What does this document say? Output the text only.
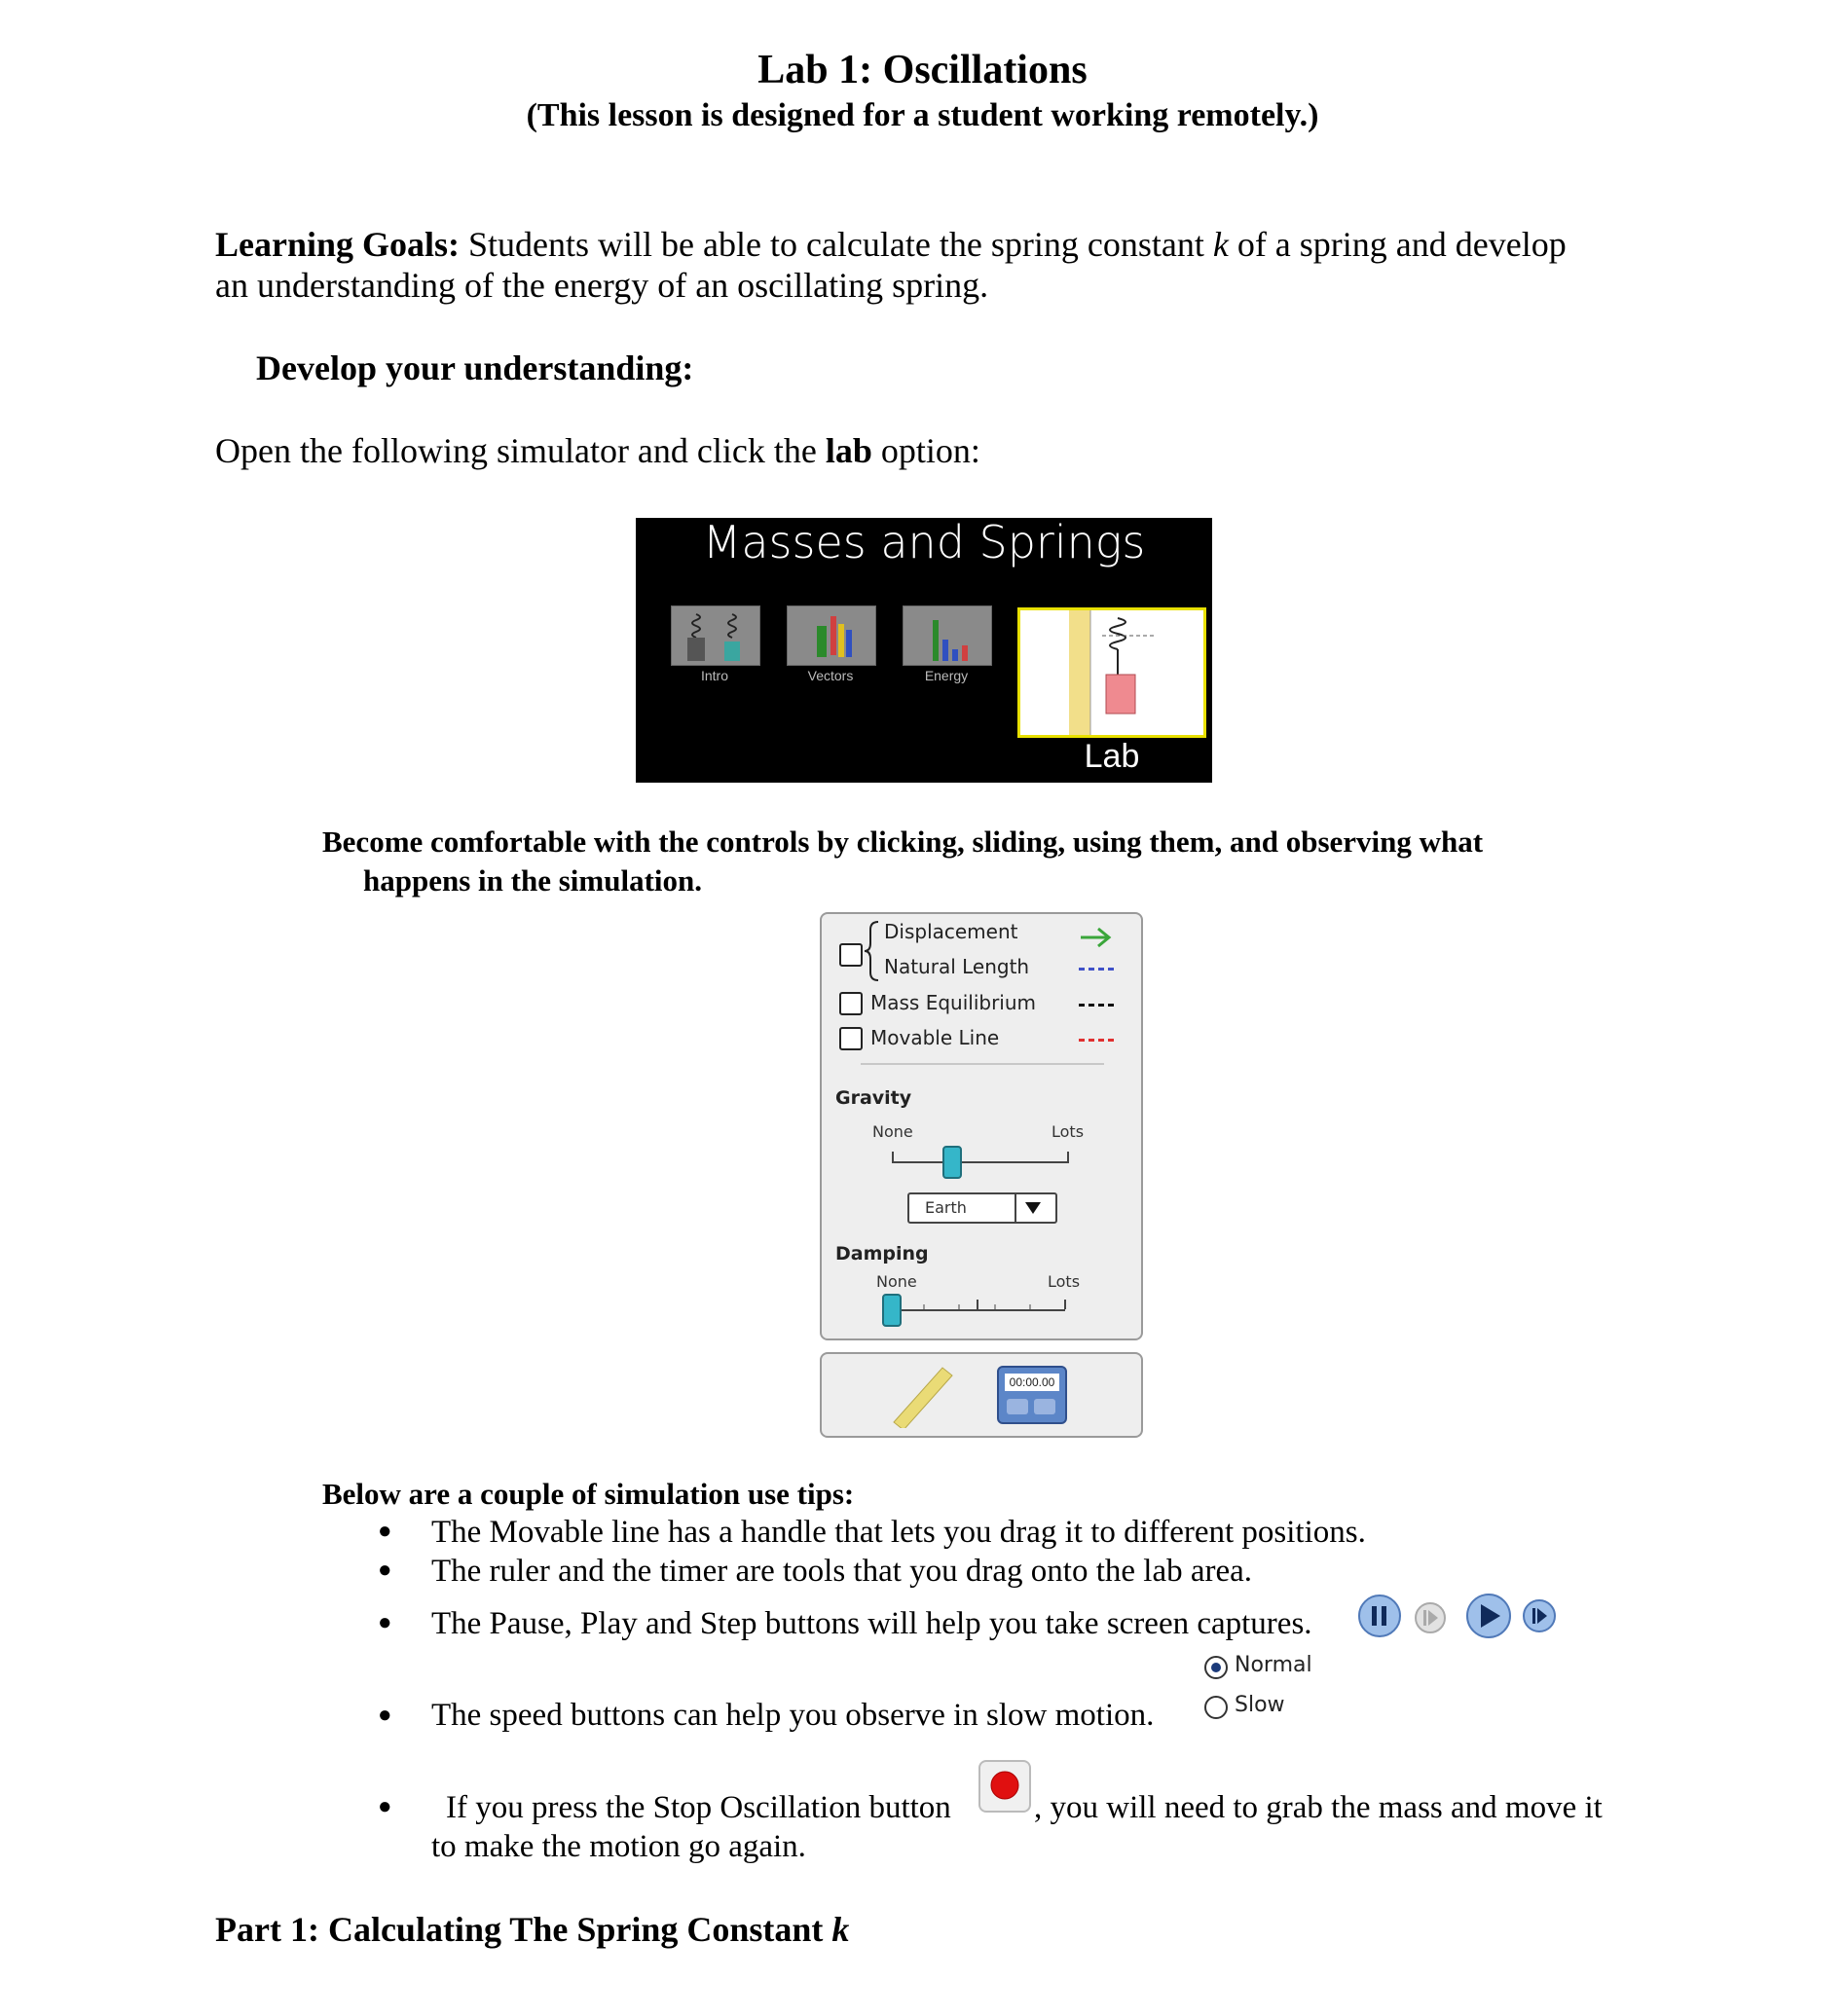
Lab 1: Oscillations
(This lesson is designed for a student working remotely.)
Learning Goals: Students will be able to calculate the spring constant k of a spring and develop
an understanding of the energy of an oscillating spring.
Develop your understanding:
Open the following simulator and click the lab option:
Masses and Springs
Intro	Vectors	Energy
Lab
Become comfortable with the controls by clicking, sliding, using them, and observing what
happens in the simulation.
Displacement
Natural Length
Mass Equilibrium
Movable Line
Gravity
None	Lots
Earth
Damping
None	Lots
00:00.00
Below are a couple of simulation use tips:
● The Movable line has a handle that lets you drag it to different positions.
● The ruler and the timer are tools that you drag onto the lab area.
● The Pause, Play and Step buttons will help you take screen captures.
Normal
Slow
● The speed buttons can help you observe in slow motion.
● If you press the Stop Oscillation button	, you will need to grab the mass and move it
to make the motion go again.
Part 1: Calculating The Spring Constant k
